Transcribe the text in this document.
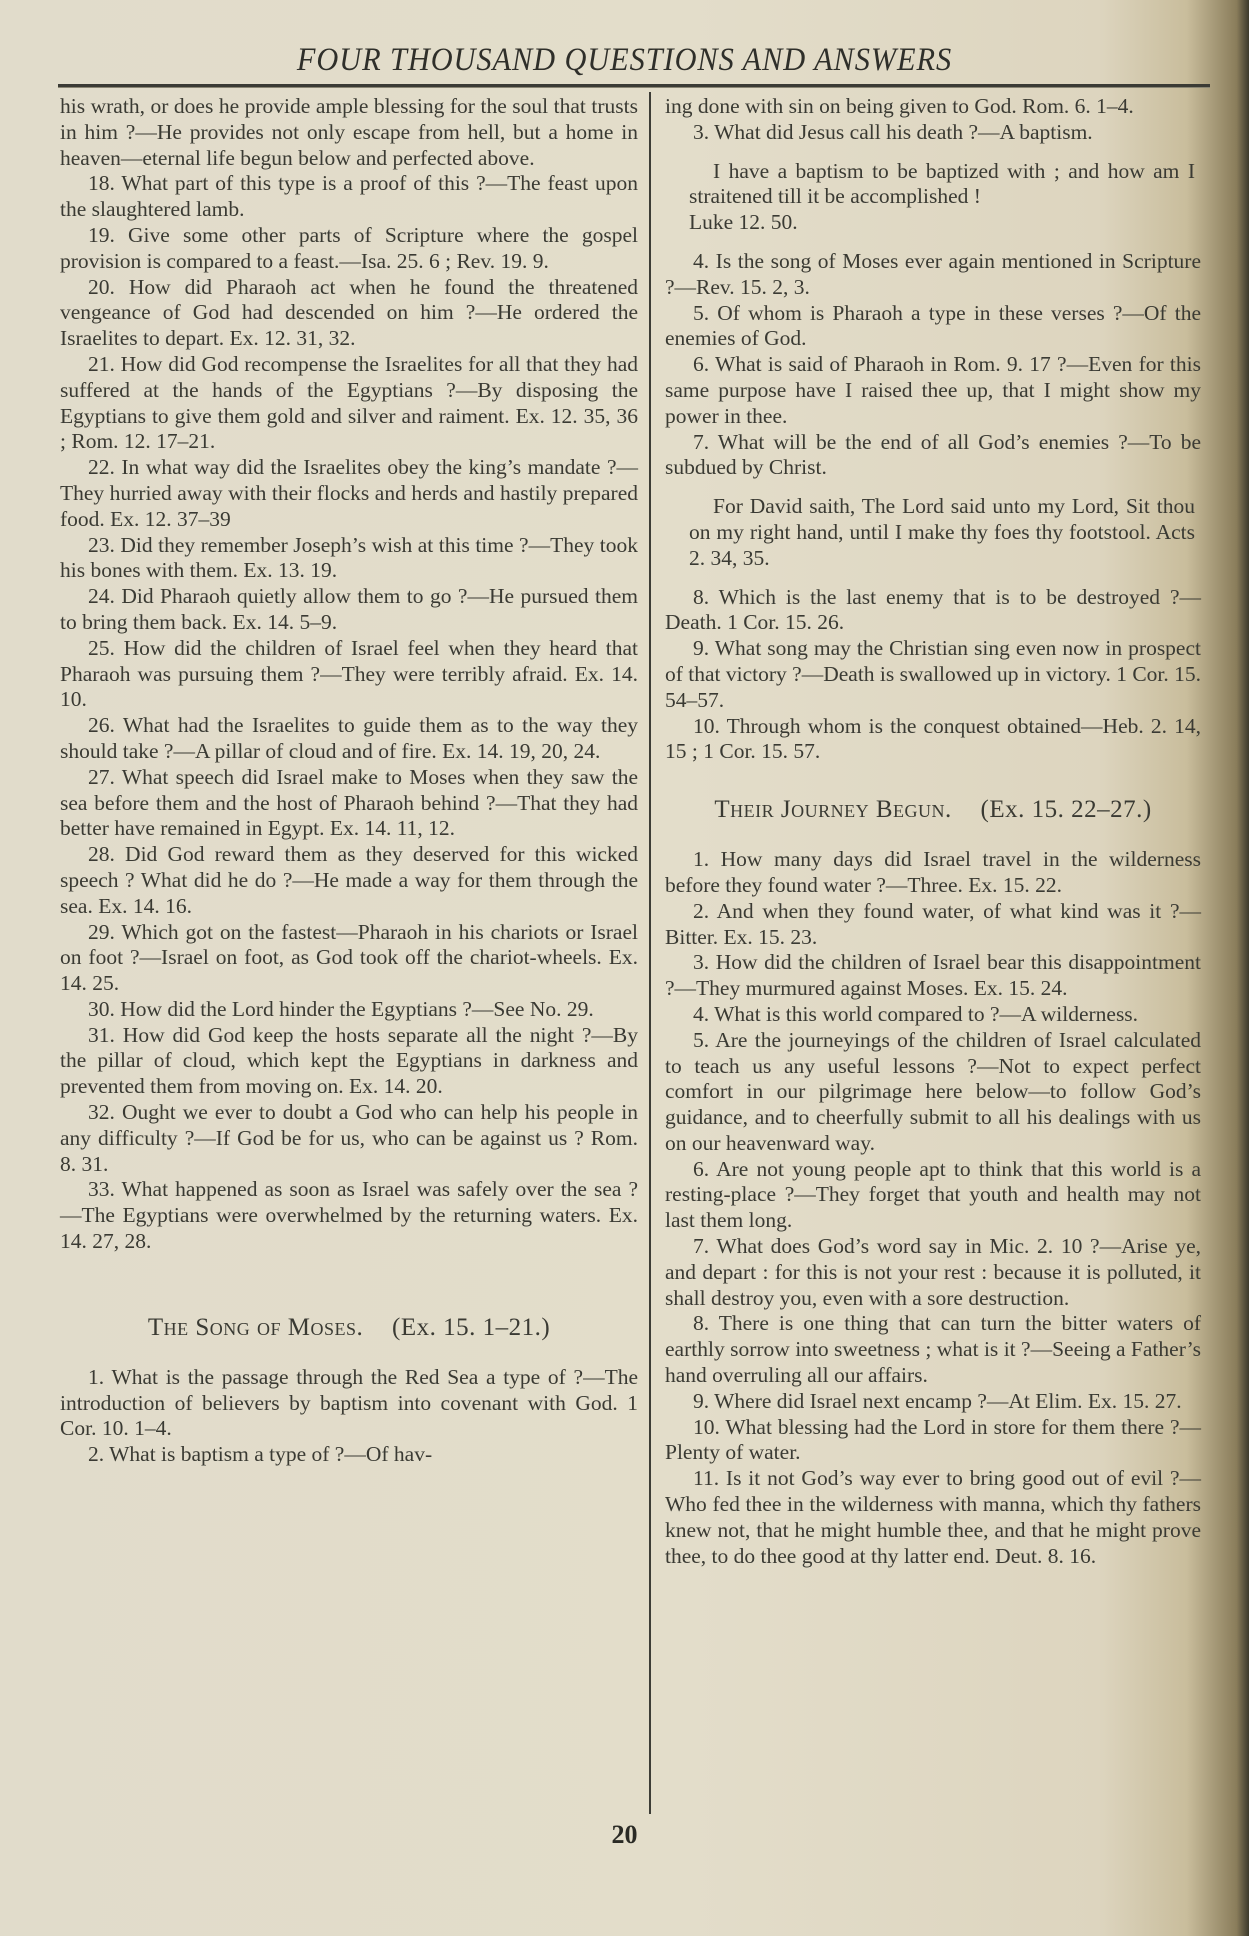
FOUR THOUSAND QUESTIONS AND ANSWERS

his wrath, or does he provide ample blessing for the soul that trusts in him ?—He provides not only escape from hell, but a home in heaven—eternal life begun below and perfected above.

18. What part of this type is a proof of this ?—The feast upon the slaughtered lamb.

19. Give some other parts of Scripture where the gospel provision is compared to a feast.—Isa. 25. 6 ; Rev. 19. 9.

20. How did Pharaoh act when he found the threatened vengeance of God had descended on him ?—He ordered the Israelites to depart. Ex. 12. 31, 32.

21. How did God recompense the Israelites for all that they had suffered at the hands of the Egyptians ?—By disposing the Egyptians to give them gold and silver and raiment. Ex. 12. 35, 36 ; Rom. 12. 17–21.

22. In what way did the Israelites obey the king’s mandate ?—They hurried away with their flocks and herds and hastily prepared food. Ex. 12. 37–39

23. Did they remember Joseph’s wish at this time ?—They took his bones with them. Ex. 13. 19.

24. Did Pharaoh quietly allow them to go ?—He pursued them to bring them back. Ex. 14. 5–9.

25. How did the children of Israel feel when they heard that Pharaoh was pursuing them ?—They were terribly afraid. Ex. 14. 10.

26. What had the Israelites to guide them as to the way they should take ?—A pillar of cloud and of fire. Ex. 14. 19, 20, 24.

27. What speech did Israel make to Moses when they saw the sea before them and the host of Pharaoh behind ?—That they had better have remained in Egypt. Ex. 14. 11, 12.

28. Did God reward them as they deserved for this wicked speech ? What did he do ?—He made a way for them through the sea. Ex. 14. 16.

29. Which got on the fastest—Pharaoh in his chariots or Israel on foot ?—Israel on foot, as God took off the chariot-wheels. Ex. 14. 25.

30. How did the Lord hinder the Egyptians ?—See No. 29.

31. How did God keep the hosts separate all the night ?—By the pillar of cloud, which kept the Egyptians in darkness and prevented them from moving on. Ex. 14. 20.

32. Ought we ever to doubt a God who can help his people in any difficulty ?—If God be for us, who can be against us ? Rom. 8. 31.

33. What happened as soon as Israel was safely over the sea ?—The Egyptians were overwhelmed by the returning waters. Ex. 14. 27, 28.

The Song of Moses. (Ex. 15. 1–21.)

1. What is the passage through the Red Sea a type of ?—The introduction of believers by baptism into covenant with God. 1 Cor. 10. 1–4.

2. What is baptism a type of ?—Of hav-

ing done with sin on being given to God. Rom. 6. 1–4.

3. What did Jesus call his death ?—A baptism.

I have a baptism to be baptized with ; and how am I straitened till it be accomplished !
Luke 12. 50.

4. Is the song of Moses ever again mentioned in Scripture ?—Rev. 15. 2, 3.

5. Of whom is Pharaoh a type in these verses ?—Of the enemies of God.

6. What is said of Pharaoh in Rom. 9. 17 ?—Even for this same purpose have I raised thee up, that I might show my power in thee.

7. What will be the end of all God’s enemies ?—To be subdued by Christ.

For David saith, The Lord said unto my Lord, Sit thou on my right hand, until I make thy foes thy footstool. Acts 2. 34, 35.

8. Which is the last enemy that is to be destroyed ?—Death. 1 Cor. 15. 26.

9. What song may the Christian sing even now in prospect of that victory ?—Death is swallowed up in victory. 1 Cor. 15. 54–57.

10. Through whom is the conquest obtained—Heb. 2. 14, 15 ; 1 Cor. 15. 57.

Their Journey Begun. (Ex. 15. 22–27.)

1. How many days did Israel travel in the wilderness before they found water ?—Three. Ex. 15. 22.

2. And when they found water, of what kind was it ?—Bitter. Ex. 15. 23.

3. How did the children of Israel bear this disappointment ?—They murmured against Moses. Ex. 15. 24.

4. What is this world compared to ?—A wilderness.

5. Are the journeyings of the children of Israel calculated to teach us any useful lessons ?—Not to expect perfect comfort in our pilgrimage here below—to follow God’s guidance, and to cheerfully submit to all his dealings with us on our heavenward way.

6. Are not young people apt to think that this world is a resting-place ?—They forget that youth and health may not last them long.

7. What does God’s word say in Mic. 2. 10 ?—Arise ye, and depart : for this is not your rest : because it is polluted, it shall destroy you, even with a sore destruction.

8. There is one thing that can turn the bitter waters of earthly sorrow into sweetness ; what is it ?—Seeing a Father’s hand overruling all our affairs.

9. Where did Israel next encamp ?—At Elim. Ex. 15. 27.

10. What blessing had the Lord in store for them there ?—Plenty of water.

11. Is it not God’s way ever to bring good out of evil ?—Who fed thee in the wilderness with manna, which thy fathers knew not, that he might humble thee, and that he might prove thee, to do thee good at thy latter end. Deut. 8. 16.

20
